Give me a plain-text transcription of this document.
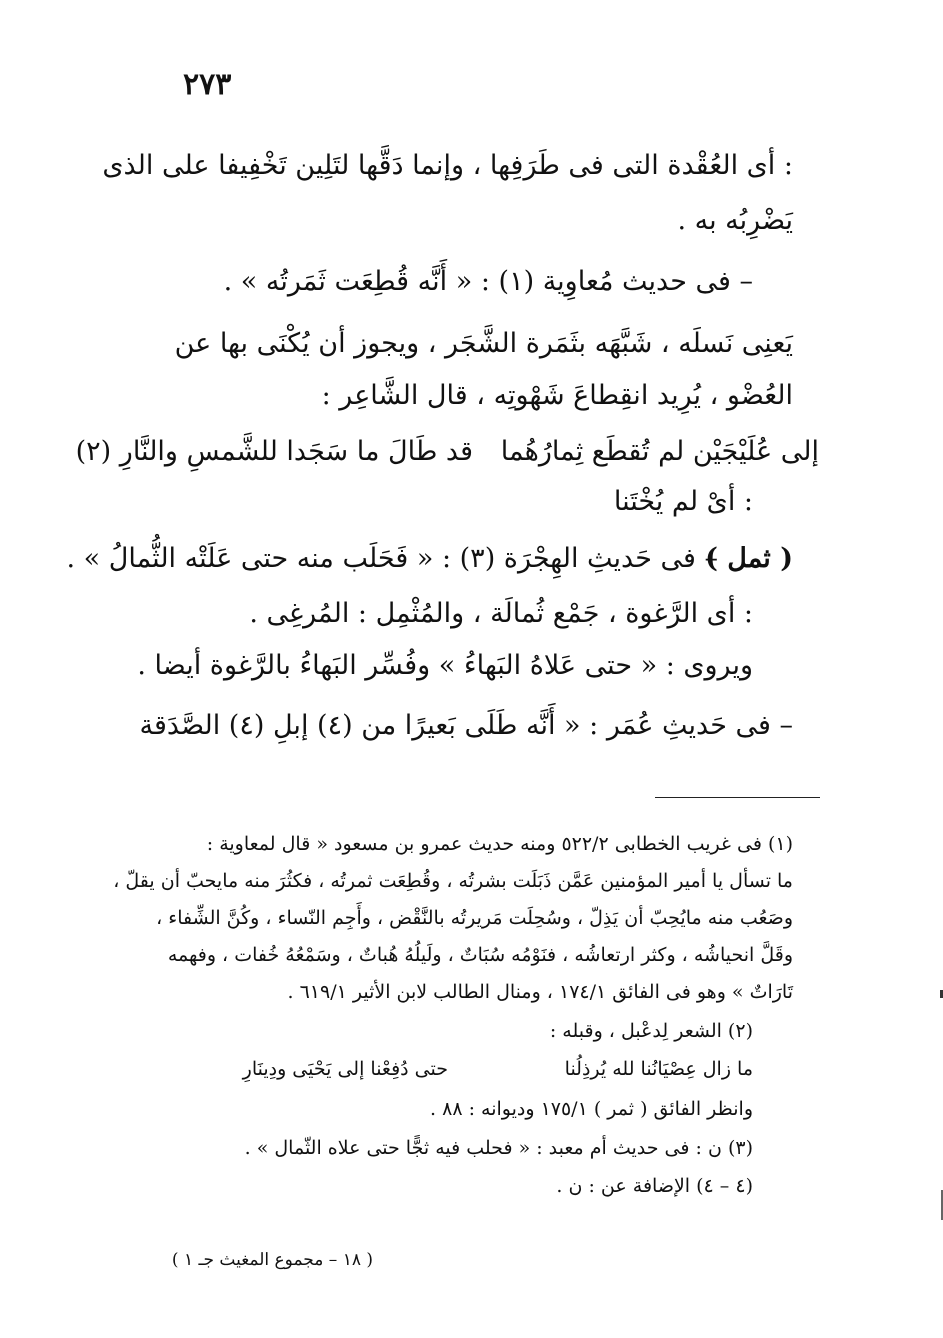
٢٧٣

: أى العُقْدة التى فى طَرَفِها ، وإنما دَقَّها لتَلِين تَخْفِيفا على الذى

يَضْرِبُه به .

– فى حديث مُعاوِية (١) : « أَنَّه قُطِعَت ثَمَرتُه » .

يَعنِى نَسلَه ، شَبَّهَه بثَمَرة الشَّجَر ، ويجوز أن يُكْنَى بها عن

العُضْو ، يُرِيد انقِطاعَ شَهْوتِه ، قال الشَّاعِر :

إلى عُلَيْجَيْن لم تُقطَع ثِمارُهُما

قد طَالَ ما سَجَدا للشَّمسِ والنَّارِ (٢)

: أىْ لم يُخْتَنا

( ثمل )

– فى حَديثِ الهِجْرَة (٣) : « فَحَلَب منه حتى عَلَتْه الثُّمالُ » .

: أى الرَّغوة ، جَمْع ثُمالَة ، والمُثْمِل : المُرغِى .

ويروى : « حتى عَلاهُ البَهاءُ » وفُسِّر البَهاءُ بالرَّغوة أيضا .

– فى حَديثِ عُمَر : « أَنَّه طَلَى بَعيرًا من (٤) إبلِ (٤) الصَّدَقة

(١) فى غريب الخطابى ٥٢٢/٢ ومنه حديث عمرو بن مسعود « قال لمعاوية :

ما تسأل يا أمير المؤمنين عَمَّن ذَبَلَت بشرتُه ، وقُطِعَت ثمرتُه ، فكثُرَ منه مايحبّ أن يقلّ ،

وصَعُب منه مايُحِبّ أن يَذِلّ ، وسُحِلَت مَريرتُه بالنَّقْض ، وأَجِم النّساء ، وكُنَّ الشِّفاء ،

وقَلَّ انحياشُه ، وكثر ارتعاشُه ، فنَوْمُه سُبَاتٌ ، ولَيلُهُ هُباتٌ ، وسَمْعُهُ خُفات ، وفهمه

تَارَاتٌ » وهو فى الفائق ١٧٤/١ ، ومنال الطالب لابن الأثير ٦١٩/١ .

(٢) الشعر لِدعْبل ، وقبله :

ما زال عِصْيَانُنا لله يُرذِلُنا

حتى دُفِعْنا إلى يَحْيَى ودِينَارِ

وانظر الفائق ( ثمر ) ١٧٥/١ وديوانه : ٨٨ .

(٣) ن : فى حديث أم معبد : « فحلب فيه ثجًّا حتى علاه الثّمال » .

(٤ – ٤) الإضافة عن : ن .

( ١٨ – مجموع المغيث جـ ١ )
